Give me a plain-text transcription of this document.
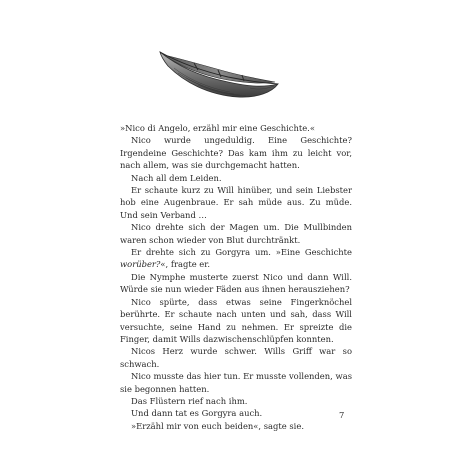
»Nico di Angelo, erzähl mir eine Geschichte.«

Nico wurde ungeduldig. Eine Geschichte? Irgendeine Geschichte? Das kam ihm zu leicht vor, nach allem, was sie durchgemacht hatten.

Nach all dem Leiden.

Er schaute kurz zu Will hinüber, und sein Liebster hob eine Augenbraue. Er sah müde aus. Zu müde. Und sein Verband …

Nico drehte sich der Magen um. Die Mullbinden waren schon wieder von Blut durchtränkt.

Er drehte sich zu Gorgyra um. »Eine Geschichte worüber?«, fragte er.

Die Nymphe musterte zuerst Nico und dann Will. Würde sie nun wieder Fäden aus ihnen herausziehen?

Nico spürte, dass etwas seine Fingerknöchel berührte. Er schaute nach unten und sah, dass Will versuchte, seine Hand zu nehmen. Er spreizte die Finger, damit Wills dazwischenschlüpfen konnten.

Nicos Herz wurde schwer. Wills Griff war so schwach.

Nico musste das hier tun. Er musste vollenden, was sie begonnen hatten.

Das Flüstern rief nach ihm.

Und dann tat es Gorgyra auch.

»Erzähl mir von euch beiden«, sagte sie.

7
